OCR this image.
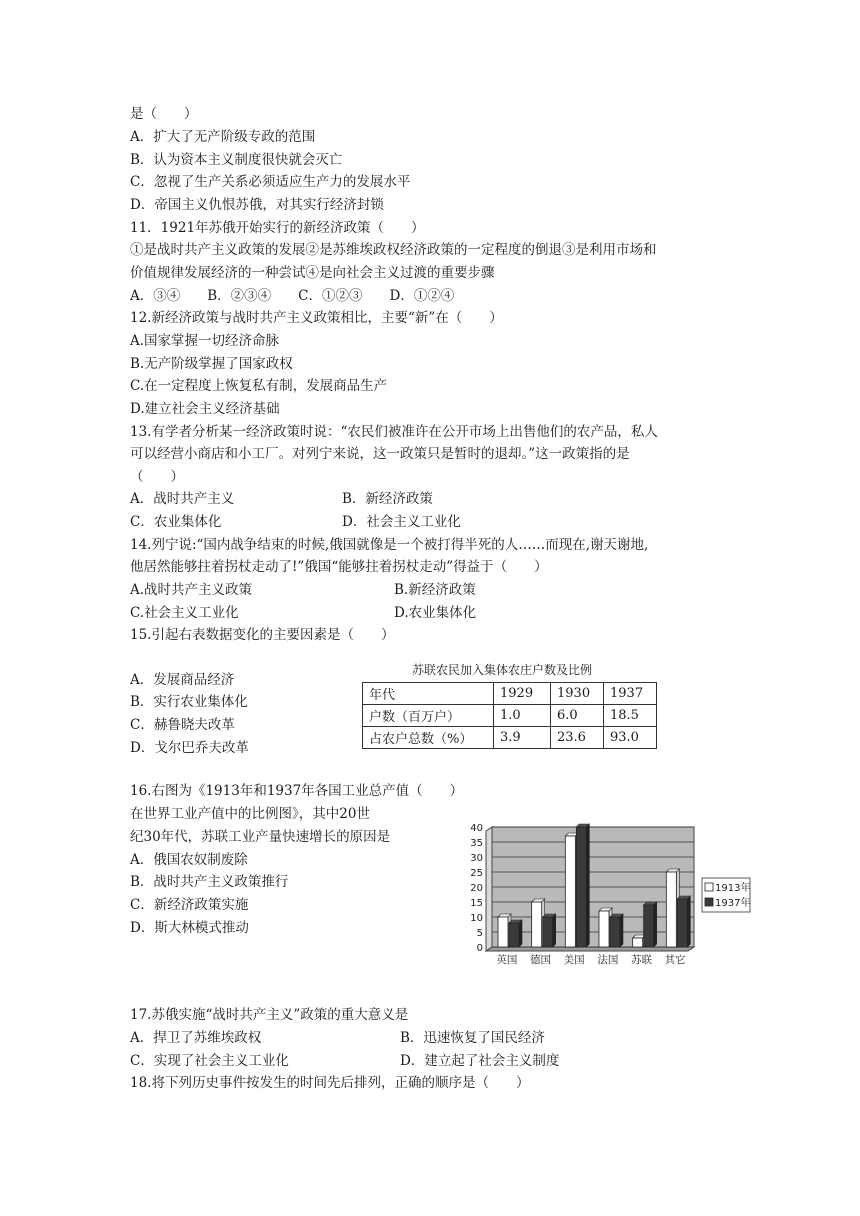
是（　　）
A．扩大了无产阶级专政的范围
B．认为资本主义制度很快就会灭亡
C．忽视了生产关系必须适应生产力的发展水平
D．帝国主义仇恨苏俄，对其实行经济封锁
11．1921年苏俄开始实行的新经济政策（　　）
①是战时共产主义政策的发展②是苏维埃政权经济政策的一定程度的倒退③是利用市场和
价值规律发展经济的一种尝试④是向社会主义过渡的重要步骤
A．③④　　B．②③④　　C．①②③　　D．①②④
12.新经济政策与战时共产主义政策相比，主要“新”在（　　）
A.国家掌握一切经济命脉
B.无产阶级掌握了国家政权
C.在一定程度上恢复私有制，发展商品生产
D.建立社会主义经济基础
13.有学者分析某一经济政策时说：“农民们被准许在公开市场上出售他们的农产品，私人
可以经营小商店和小工厂。对列宁来说，这一政策只是暂时的退却。”这一政策指的是
（　　）
A．战时共产主义	B．新经济政策
C．农业集体化	D．社会主义工业化
14.列宁说:“国内战争结束的时候,俄国就像是一个被打得半死的人……而现在,谢天谢地,
他居然能够拄着拐杖走动了!”俄国“能够拄着拐杖走动”得益于（　　）
A.战时共产主义政策	B.新经济政策
C.社会主义工业化	D.农业集体化
15.引起右表数据变化的主要因素是（　　）
A．发展商品经济
B．实行农业集体化
C．赫鲁晓夫改革
D．戈尔巴乔夫改革
苏联农民加入集体农庄户数及比例
年代	1929	1930	1937
户数（百万户）	1.0	6.0	18.5
占农户总数（%）	3.9	23.6	93.0
16.右图为《1913年和1937年各国工业总产值（　　）
在世界工业产值中的比例图》，其中20世
纪30年代，苏联工业产量快速增长的原因是
A．俄国农奴制废除
B．战时共产主义政策推行
C．新经济政策实施
D．斯大林模式推动
0
5
10
15
20
25
30
35
40
英国 德国 美国 法国 苏联 其它
1913年
1937年
17.苏俄实施“战时共产主义”政策的重大意义是
A．捍卫了苏维埃政权	B．迅速恢复了国民经济
C．实现了社会主义工业化	D．建立起了社会主义制度
18.将下列历史事件按发生的时间先后排列，正确的顺序是（　　）
